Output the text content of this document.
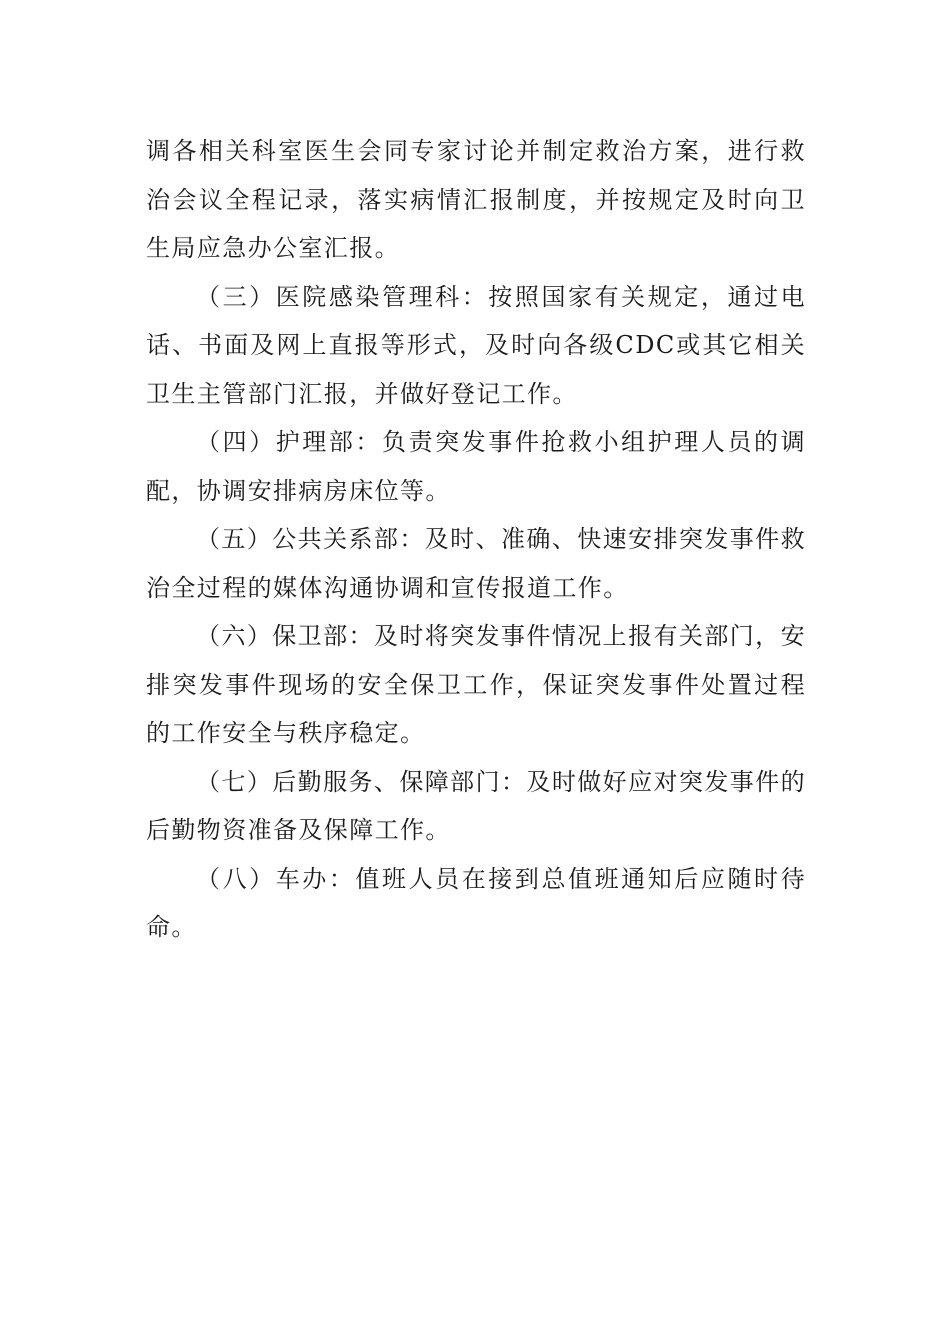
调各相关科室医生会同专家讨论并制定救治方案，进行救治会议全程记录，落实病情汇报制度，并按规定及时向卫生局应急办公室汇报。

（三）医院感染管理科：按照国家有关规定，通过电话、书面及网上直报等形式，及时向各级CDC或其它相关卫生主管部门汇报，并做好登记工作。

（四）护理部：负责突发事件抢救小组护理人员的调配，协调安排病房床位等。

（五）公共关系部：及时、准确、快速安排突发事件救治全过程的媒体沟通协调和宣传报道工作。

（六）保卫部：及时将突发事件情况上报有关部门，安排突发事件现场的安全保卫工作，保证突发事件处置过程的工作安全与秩序稳定。

（七）后勤服务、保障部门：及时做好应对突发事件的后勤物资准备及保障工作。

（八）车办：值班人员在接到总值班通知后应随时待命。
